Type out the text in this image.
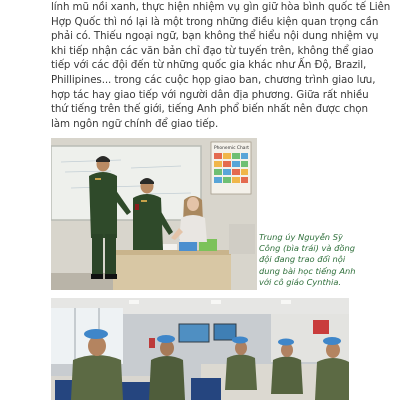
lính mũ nồi xanh, thực hiện nhiệm vụ gìn giữ hòa bình quốc tế Liên
Hợp Quốc thì nó lại là một trong những điều kiện quan trọng cần
phải có. Thiếu ngoại ngữ, bạn không thể hiểu nội dung nhiệm vụ
khi tiếp nhận các văn bản chỉ đạo từ tuyến trên, không thể giao
tiếp với các đội đến từ những quốc gia khác như Ấn Độ, Brazil,
Phillipines... trong các cuộc họp giao ban, chương trình giao lưu,
hợp tác hay giao tiếp với người dân địa phương. Giữa rất nhiều
thứ tiếng trên thế giới, tiếng Anh phổ biến nhất nên được chọn
làm ngôn ngữ chính để giao tiếp.

Phonemic Chart

Trung úy Nguyễn Sỹ
Công (bìa trái) và đồng
đội đang trao đổi nội
dung bài học tiếng Anh
với cô giáo Cynthia.
